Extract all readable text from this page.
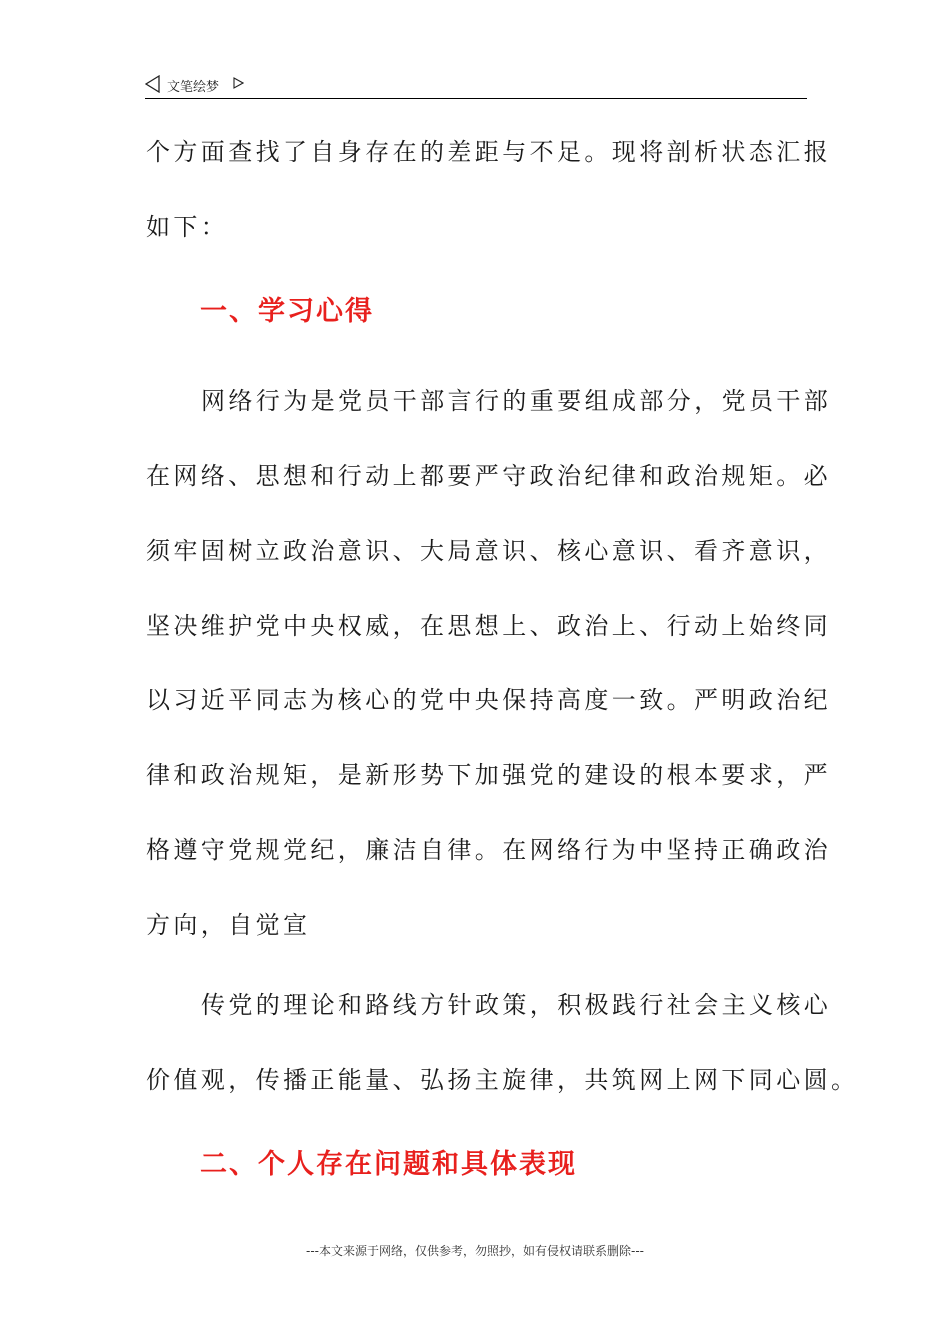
文笔绘梦
个方面查找了自身存在的差距与不足。现将剖析状态汇报
如下：
一、学习心得
网络行为是党员干部言行的重要组成部分，党员干部
在网络、思想和行动上都要严守政治纪律和政治规矩。必
须牢固树立政治意识、大局意识、核心意识、看齐意识，
坚决维护党中央权威，在思想上、政治上、行动上始终同
以习近平同志为核心的党中央保持高度一致。严明政治纪
律和政治规矩，是新形势下加强党的建设的根本要求，严
格遵守党规党纪，廉洁自律。在网络行为中坚持正确政治
方向，自觉宣
传党的理论和路线方针政策，积极践行社会主义核心
价值观，传播正能量、弘扬主旋律，共筑网上网下同心圆。
二、个人存在问题和具体表现
---本文来源于网络，仅供参考，勿照抄，如有侵权请联系删除---
